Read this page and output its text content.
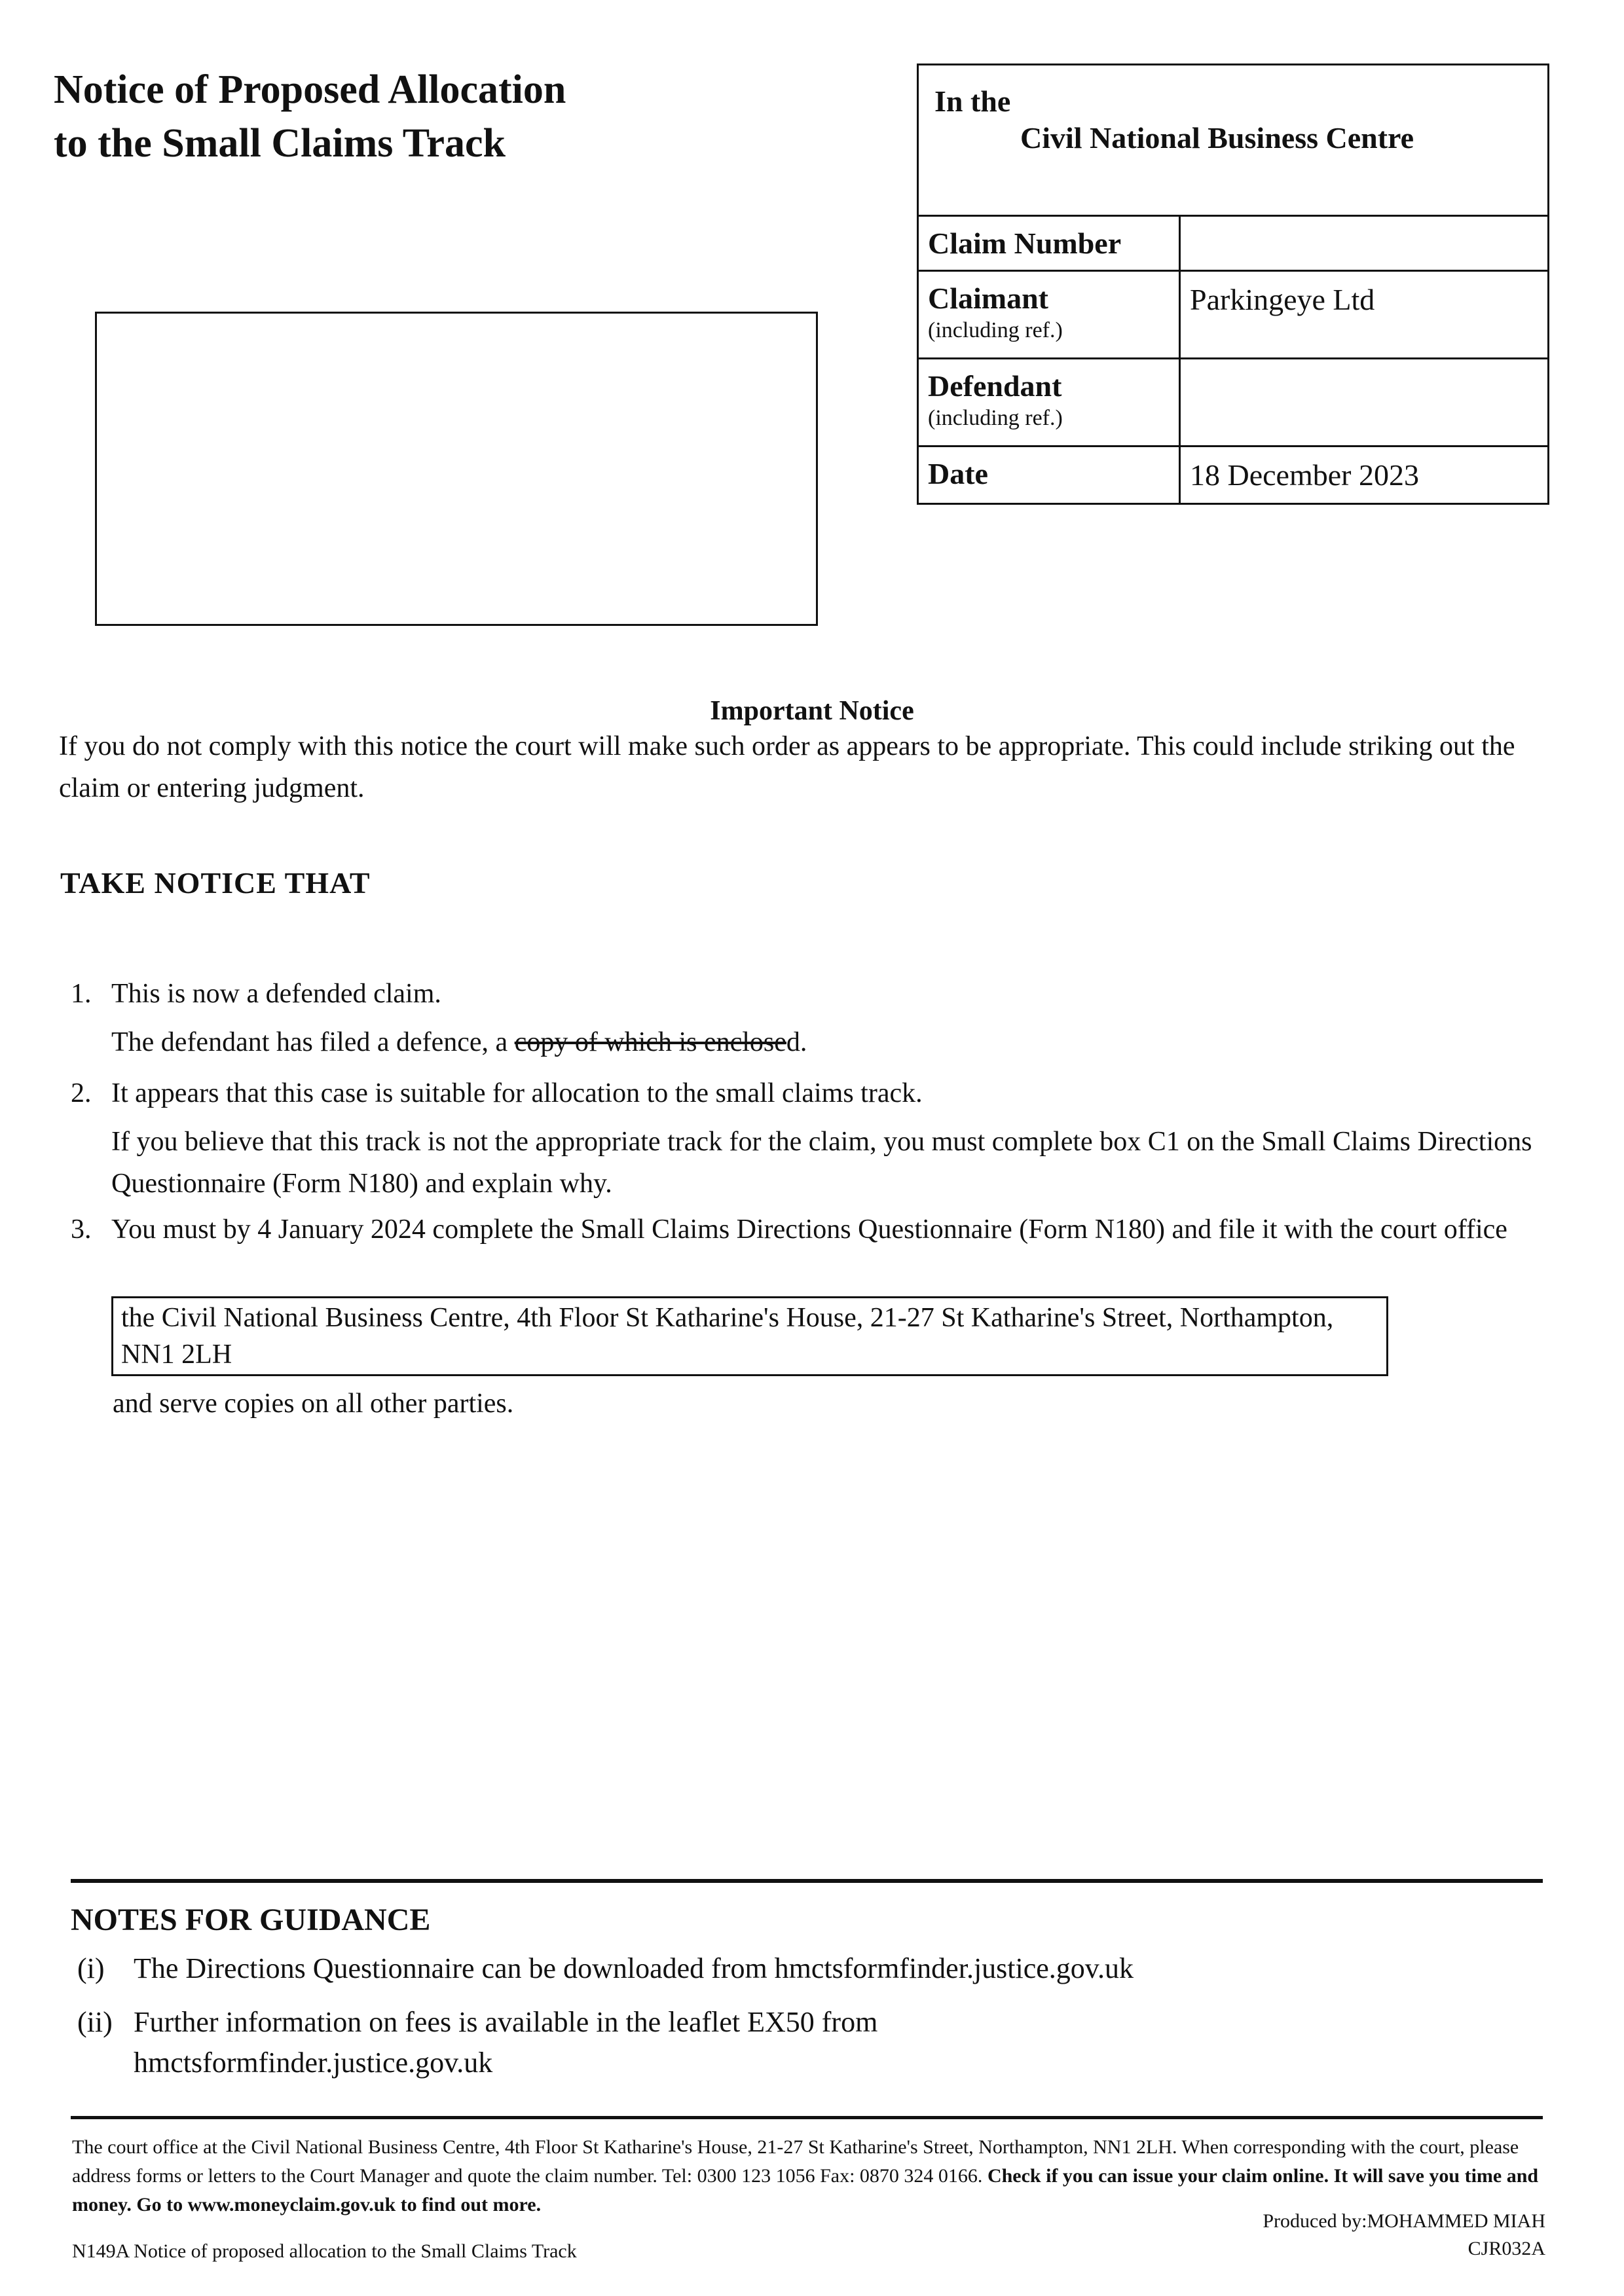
Notice of Proposed Allocation
to the Small Claims Track
In the
Civil National Business Centre
Claim Number
Claimant
(including ref.)
Parkingeye Ltd
Defendant
(including ref.)
Date	18 December 2023
Important Notice
If you do not comply with this notice the court will make such order as appears to be appropriate. This could include striking out the claim or entering judgment.
TAKE NOTICE THAT
1. This is now a defended claim.
The defendant has filed a defence, a copy of which is enclosed.
2. It appears that this case is suitable for allocation to the small claims track.
If you believe that this track is not the appropriate track for the claim, you must complete box C1 on the Small Claims Directions Questionnaire (Form N180) and explain why.
3. You must by 4 January 2024 complete the Small Claims Directions Questionnaire (Form N180) and file it with the court office
the Civil National Business Centre, 4th Floor St Katharine's House, 21-27 St Katharine's Street, Northampton, NN1 2LH
and serve copies on all other parties.
NOTES FOR GUIDANCE
(i) The Directions Questionnaire can be downloaded from hmctsformfinder.justice.gov.uk
(ii) Further information on fees is available in the leaflet EX50 from hmctsformfinder.justice.gov.uk
The court office at the Civil National Business Centre, 4th Floor St Katharine's House, 21-27 St Katharine's Street, Northampton, NN1 2LH. When corresponding with the court, please address forms or letters to the Court Manager and quote the claim number. Tel: 0300 123 1056 Fax: 0870 324 0166. Check if you can issue your claim online. It will save you time and money. Go to www.moneyclaim.gov.uk to find out more.
Produced by:MOHAMMED MIAH
CJR032A
N149A Notice of proposed allocation to the Small Claims Track
